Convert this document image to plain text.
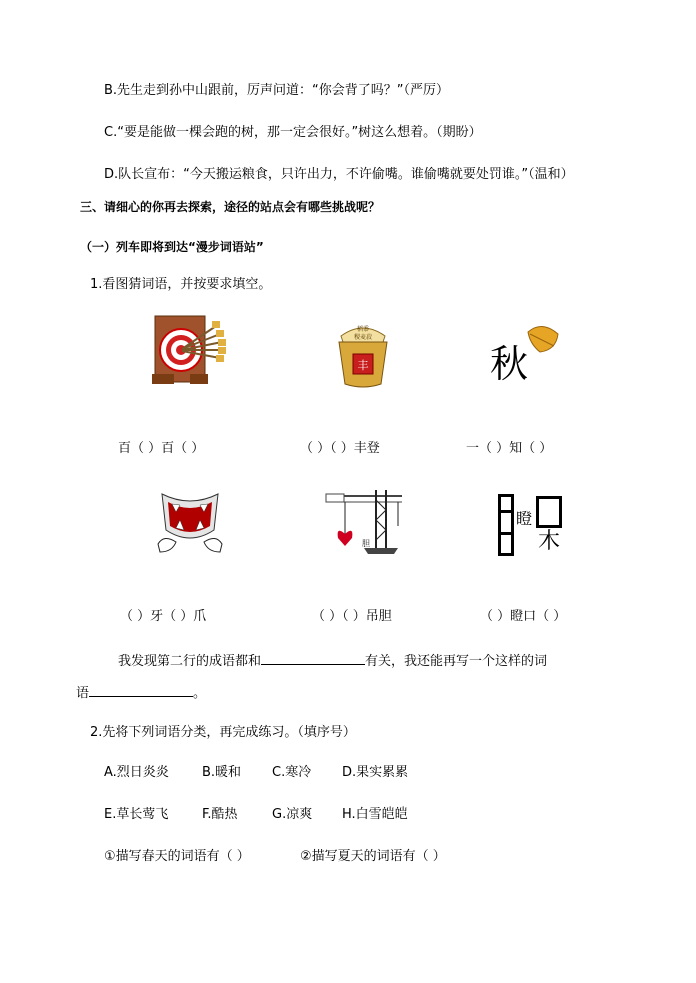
B.先生走到孙中山跟前，厉声问道：“你会背了吗？”（严厉）
C.“要是能做一棵会跑的树，那一定会很好。”树这么想着。（期盼）
D.队长宣布：“今天搬运粮食，只许出力，不许偷嘴。谁偷嘴就要处罚谁。”（温和）
三、请细心的你再去探索，途径的站点会有哪些挑战呢？
（一）列车即将到达“漫步词语站”
1.看图猜词语，并按要求填空。
丰
稻黍
稷麦菽
秋
百（ ）百（ ）	（ ）（ ）丰登	一（ ）知（ ）
胆
瞪
木
（ ）牙（ ）爪	（ ）（ ）吊胆	（ ）瞪口（ ）
我发现第二行的成语都和	有关，我还能再写一个这样的词
语	。
2.先将下列词语分类，再完成练习。（填序号）
A.烈日炎炎	B.暖和 C.寒冷 D.果实累累
E.草长莺飞	F.酷热	G.凉爽 H.白雪皑皑
①描写春天的词语有（ ）	②描写夏天的词语有（ ）
